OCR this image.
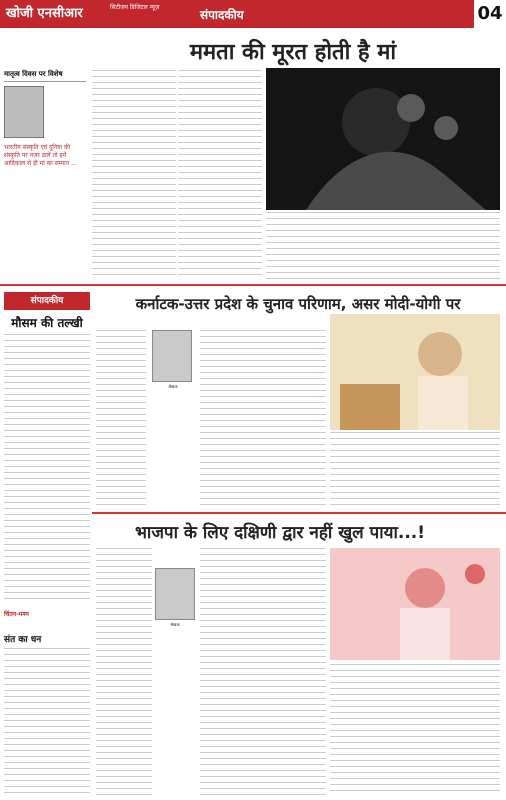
खोजी एनसीआर	सिटीजन डिजिटल न्यूज़
संपादकीय	04
ममता की मूरत होती है मां
मातृत्व दिवस पर विशेष
भारतीय संस्कृति एवं दुनिया की संस्कृति पर नज़र डालें तो हमें आदिकाल से ही मां का सम्मान ...
संपादकीय
मौसम की तल्खी
कर्नाटक-उत्तर प्रदेश के चुनाव परिणाम, असर मोदी-योगी पर
लेखक
भाजपा के लिए दक्षिणी द्वार नहीं खुल पाया...!
लेखक
चिंतन-मनन
संत का धन
